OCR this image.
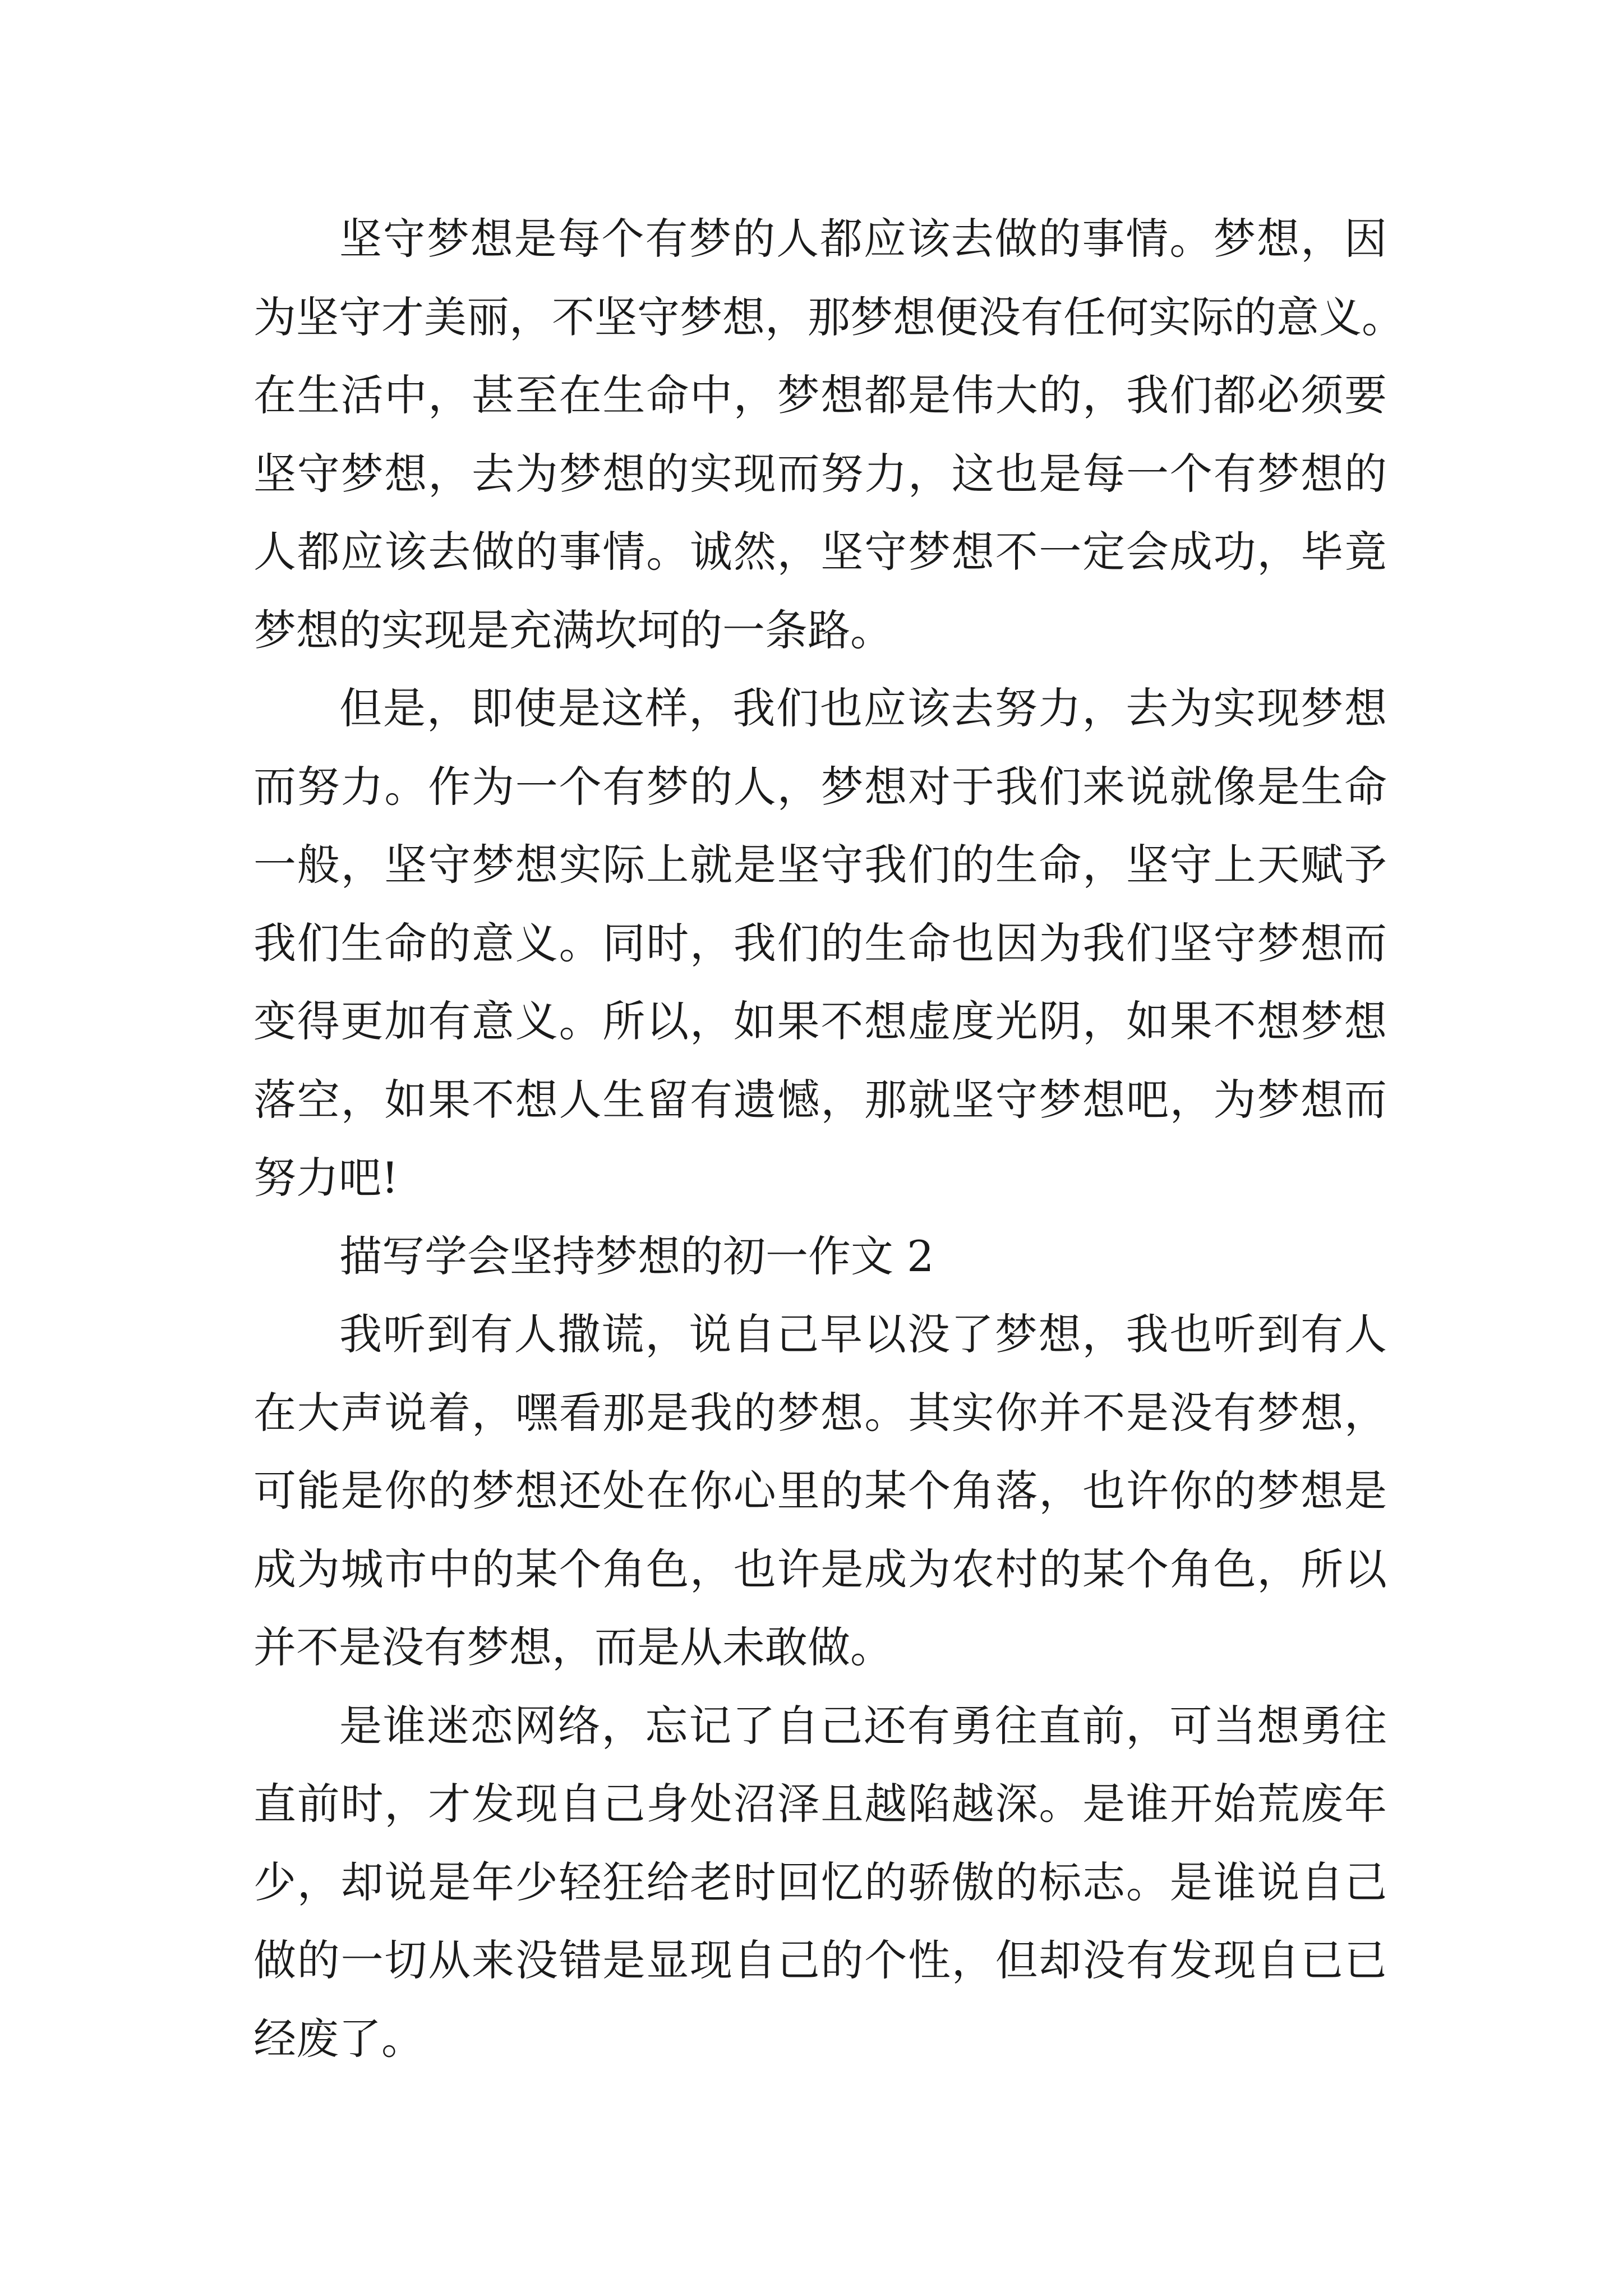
坚守梦想是每个有梦的人都应该去做的事情。梦想，因
为坚守才美丽，不坚守梦想，那梦想便没有任何实际的意义。
在生活中，甚至在生命中，梦想都是伟大的，我们都必须要
坚守梦想，去为梦想的实现而努力，这也是每一个有梦想的
人都应该去做的事情。诚然，坚守梦想不一定会成功，毕竟
梦想的实现是充满坎坷的一条路。
但是，即使是这样，我们也应该去努力，去为实现梦想
而努力。作为一个有梦的人，梦想对于我们来说就像是生命
一般，坚守梦想实际上就是坚守我们的生命，坚守上天赋予
我们生命的意义。同时，我们的生命也因为我们坚守梦想而
变得更加有意义。所以，如果不想虚度光阴，如果不想梦想
落空，如果不想人生留有遗憾，那就坚守梦想吧，为梦想而
努力吧!
描写学会坚持梦想的初一作文 2
我听到有人撒谎，说自己早以没了梦想，我也听到有人
在大声说着，嘿看那是我的梦想。其实你并不是没有梦想，
可能是你的梦想还处在你心里的某个角落，也许你的梦想是
成为城市中的某个角色，也许是成为农村的某个角色，所以
并不是没有梦想，而是从未敢做。
是谁迷恋网络，忘记了自己还有勇往直前，可当想勇往
直前时，才发现自己身处沼泽且越陷越深。是谁开始荒废年
少，却说是年少轻狂给老时回忆的骄傲的标志。是谁说自己
做的一切从来没错是显现自己的个性，但却没有发现自已已
经废了。
